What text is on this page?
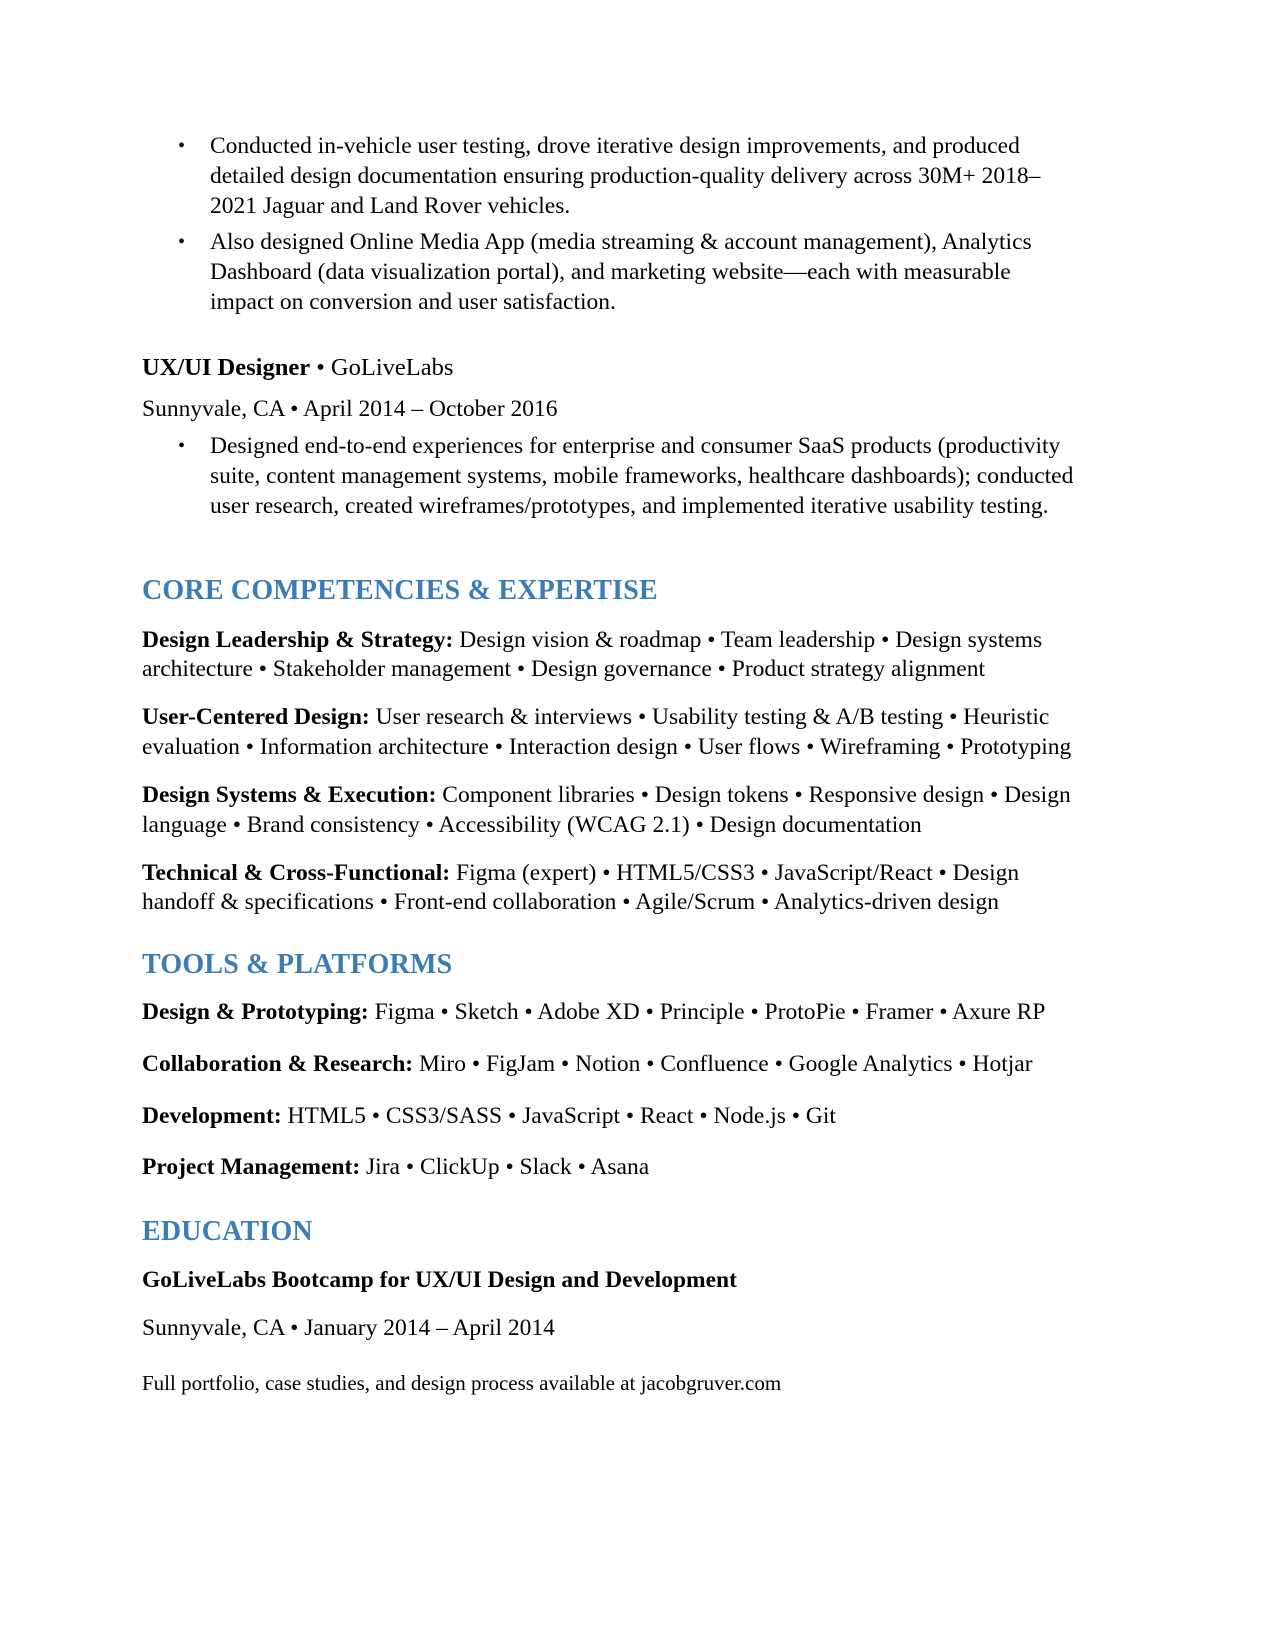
• Conducted in-vehicle user testing, drove iterative design improvements, and produced detailed design documentation ensuring production-quality delivery across 30M+ 2018–2021 Jaguar and Land Rover vehicles.
• Also designed Online Media App (media streaming & account management), Analytics Dashboard (data visualization portal), and marketing website—each with measurable impact on conversion and user satisfaction.
UX/UI Designer • GoLiveLabs
Sunnyvale, CA • April 2014 – October 2016
• Designed end-to-end experiences for enterprise and consumer SaaS products (productivity suite, content management systems, mobile frameworks, healthcare dashboards); conducted user research, created wireframes/prototypes, and implemented iterative usability testing.
CORE COMPETENCIES & EXPERTISE

Design Leadership & Strategy: Design vision & roadmap • Team leadership • Design systems architecture • Stakeholder management • Design governance • Product strategy alignment

User-Centered Design: User research & interviews • Usability testing & A/B testing • Heuristic evaluation • Information architecture • Interaction design • User flows • Wireframing • Prototyping

Design Systems & Execution: Component libraries • Design tokens • Responsive design • Design language • Brand consistency • Accessibility (WCAG 2.1) • Design documentation

Technical & Cross-Functional: Figma (expert) • HTML5/CSS3 • JavaScript/React • Design handoff & specifications • Front-end collaboration • Agile/Scrum • Analytics-driven design

TOOLS & PLATFORMS

Design & Prototyping: Figma • Sketch • Adobe XD • Principle • ProtoPie • Framer • Axure RP

Collaboration & Research: Miro • FigJam • Notion • Confluence • Google Analytics • Hotjar

Development: HTML5 • CSS3/SASS • JavaScript • React • Node.js • Git

Project Management: Jira • ClickUp • Slack • Asana

EDUCATION

GoLiveLabs Bootcamp for UX/UI Design and Development

Sunnyvale, CA • January 2014 – April 2014

Full portfolio, case studies, and design process available at jacobgruver.com
